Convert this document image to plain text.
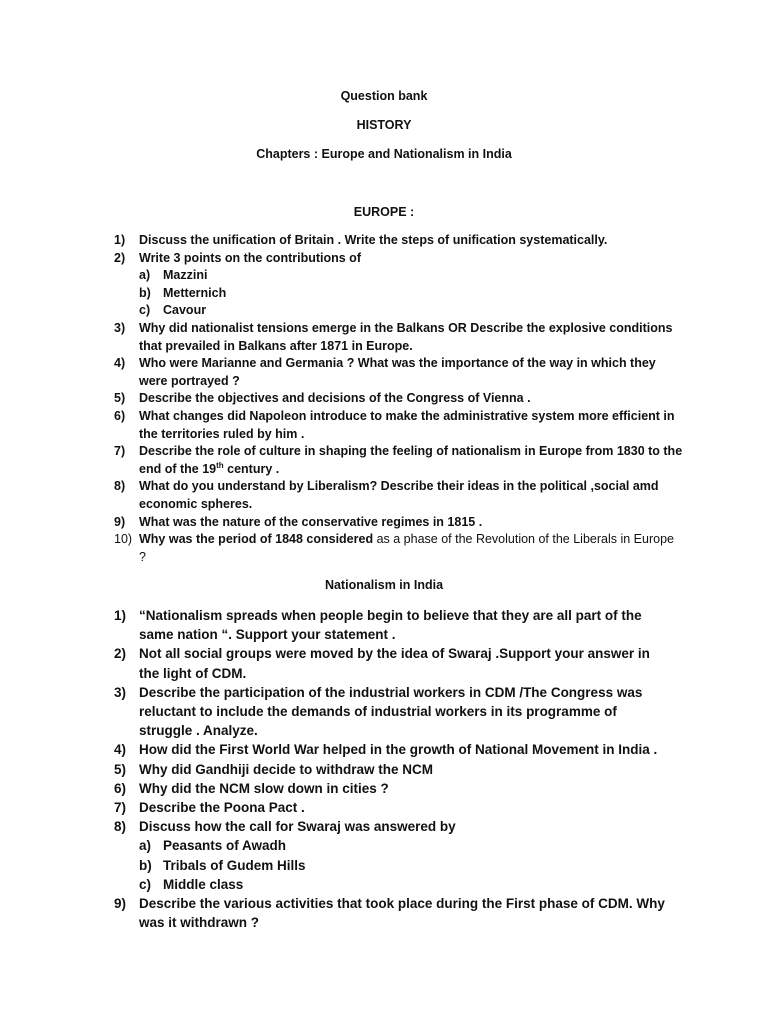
Question bank
HISTORY
Chapters : Europe and Nationalism in India
EUROPE :
1) Discuss the unification of Britain . Write the steps of unification systematically.
2) Write 3 points on the contributions of
a) Mazzini
b) Metternich
c) Cavour
3) Why did nationalist tensions emerge in the Balkans OR Describe the explosive conditions that prevailed in Balkans after 1871 in Europe.
4) Who were Marianne and Germania ? What was the importance of the way in which they were portrayed ?
5) Describe the objectives and decisions of the Congress of Vienna .
6) What changes did Napoleon introduce to make the administrative system more efficient in the territories ruled by him .
7) Describe the role of culture in shaping the feeling of nationalism in Europe from 1830 to the end of the 19th century .
8) What do you understand by Liberalism? Describe their ideas in the political ,social amd economic spheres.
9) What was the nature of the conservative regimes in 1815 .
10) Why was the period of 1848 considered as a phase of the Revolution of the Liberals in Europe ?
Nationalism in India
1) “Nationalism spreads when people begin to believe that they are all part of the same nation “. Support your statement .
2) Not all social groups were moved by the idea of Swaraj .Support your answer in the light of CDM.
3) Describe the participation of the industrial workers in CDM /The Congress was reluctant to include the demands of industrial workers in its programme of struggle . Analyze.
4) How did the First World War helped in the growth of National Movement in India .
5) Why did Gandhiji decide to withdraw the NCM
6) Why did the NCM slow down in cities ?
7) Describe the Poona Pact .
8) Discuss how the call for Swaraj was answered by
a) Peasants of Awadh
b) Tribals of Gudem Hills
c) Middle class
9) Describe the various activities that took place during the First phase of CDM. Why was it withdrawn ?
